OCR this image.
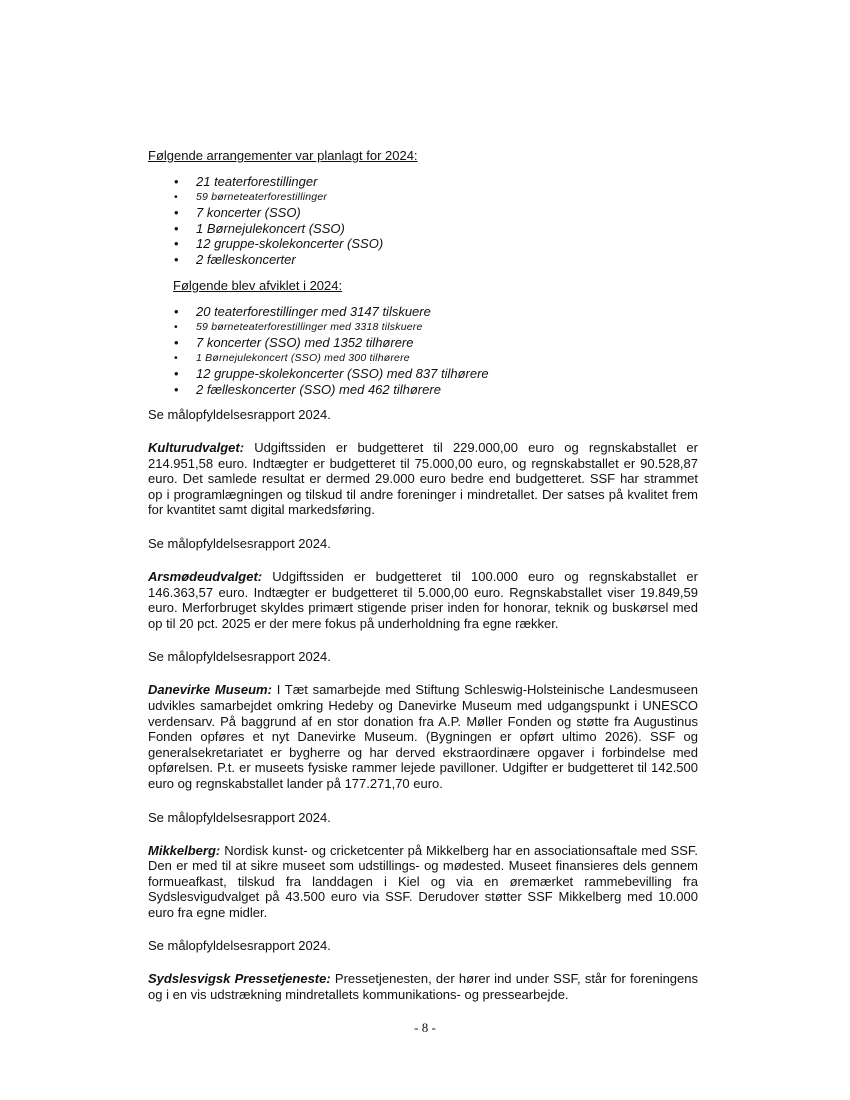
Følgende arrangementer var planlagt for 2024:

• 21 teaterforestillinger
• 59 børneteaterforestillinger
• 7 koncerter (SSO)
• 1 Børnejulekoncert (SSO)
• 12 gruppe-skolekoncerter (SSO)
• 2 fælleskoncerter

Følgende blev afviklet i 2024:

• 20 teaterforestillinger med 3147 tilskuere
• 59 børneteaterforestillinger med 3318 tilskuere
• 7 koncerter (SSO) med 1352 tilhørere
• 1 Børnejulekoncert (SSO) med 300 tilhørere
• 12 gruppe-skolekoncerter (SSO) med 837 tilhørere
• 2 fælleskoncerter (SSO) med 462 tilhørere

Se målopfyldelsesrapport 2024.

Kulturudvalget: Udgiftssiden er budgetteret til 229.000,00 euro og regnskabstallet er 214.951,58 euro. Indtægter er budgetteret til 75.000,00 euro, og regnskabstallet er 90.528,87 euro. Det samlede resultat er dermed 29.000 euro bedre end budgetteret. SSF har strammet op i programlægningen og tilskud til andre foreninger i mindretallet. Der satses på kvalitet frem for kvantitet samt digital markedsføring.

Se målopfyldelsesrapport 2024.

Arsmødeudvalget: Udgiftssiden er budgetteret til 100.000 euro og regnskabstallet er 146.363,57 euro. Indtægter er budgetteret til 5.000,00 euro. Regnskabstallet viser 19.849,59 euro. Merforbruget skyldes primært stigende priser inden for honorar, teknik og buskørsel med op til 20 pct. 2025 er der mere fokus på underholdning fra egne rækker.

Se målopfyldelsesrapport 2024.

Danevirke Museum: I Tæt samarbejde med Stiftung Schleswig-Holsteinische Landesmuseen udvikles samarbejdet omkring Hedeby og Danevirke Museum med udgangspunkt i UNESCO verdensarv. På baggrund af en stor donation fra A.P. Møller Fonden og støtte fra Augustinus Fonden opføres et nyt Danevirke Museum. (Bygningen er opført ultimo 2026). SSF og generalsekretariatet er bygherre og har derved ekstraordinære opgaver i forbindelse med opførelsen. P.t. er museets fysiske rammer lejede pavilloner. Udgifter er budgetteret til 142.500 euro og regnskabstallet lander på 177.271,70 euro.

Se målopfyldelsesrapport 2024.

Mikkelberg: Nordisk kunst- og cricketcenter på Mikkelberg har en associationsaftale med SSF. Den er med til at sikre museet som udstillings- og mødested. Museet finansieres dels gennem formueafkast, tilskud fra landdagen i Kiel og via en øremærket rammebevilling fra Sydslesvigudvalget på 43.500 euro via SSF. Derudover støtter SSF Mikkelberg med 10.000 euro fra egne midler.

Se målopfyldelsesrapport 2024.

Sydslesvigsk Pressetjeneste: Pressetjenesten, der hører ind under SSF, står for foreningens og i en vis udstrækning mindretallets kommunikations- og pressearbejde.

- 8 -
